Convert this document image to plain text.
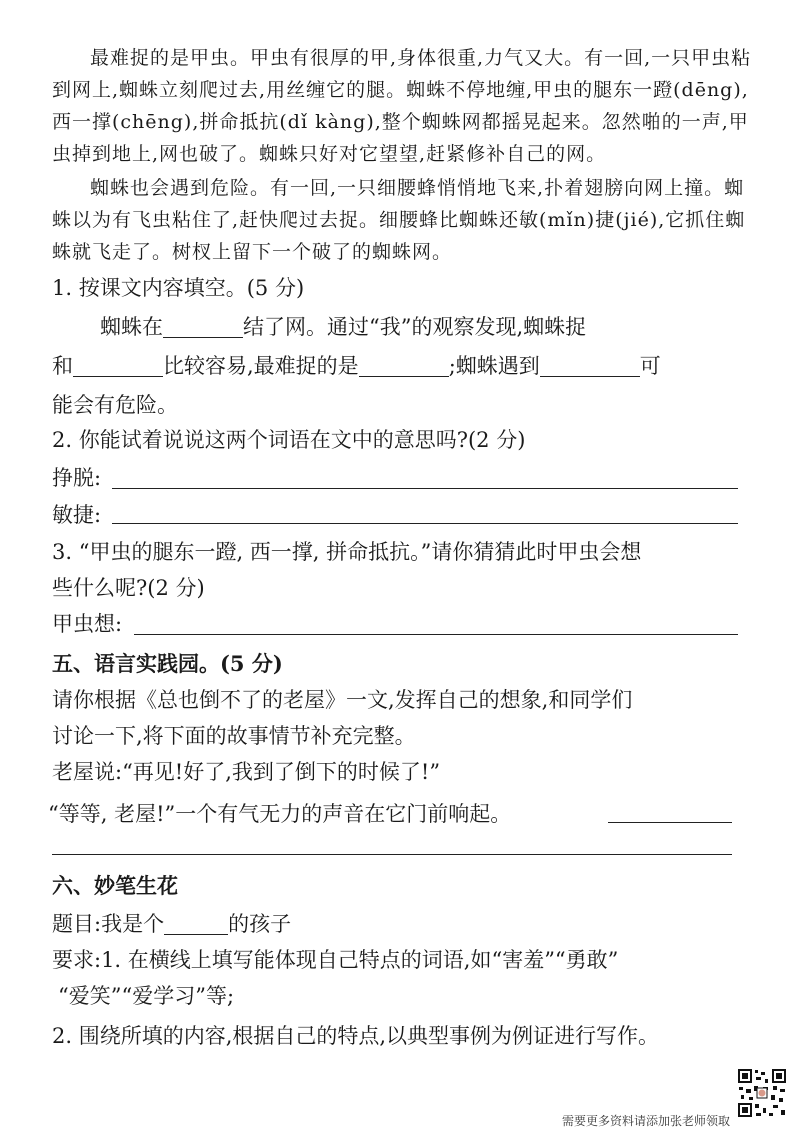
最难捉的是甲虫。甲虫有很厚的甲,身体很重,力气又大。有一回,一只甲虫粘到网上,蜘蛛立刻爬过去,用丝缠它的腿。蜘蛛不停地缠,甲虫的腿东一蹬(dēng),西一撑(chēng),拼命抵抗(dǐ kàng),整个蜘蛛网都摇晃起来。忽然啪的一声,甲虫掉到地上,网也破了。蜘蛛只好对它望望,赶紧修补自己的网。
蜘蛛也会遇到危险。有一回,一只细腰蜂悄悄地飞来,扑着翅膀向网上撞。蜘蛛以为有飞虫粘住了,赶快爬过去捉。细腰蜂比蜘蛛还敏(mǐn)捷(jié),它抓住蜘蛛就飞走了。树杈上留下一个破了的蜘蛛网。
1. 按课文内容填空。(5 分)
蜘蛛在	结了网。通过“我”的观察发现,蜘蛛捉
和	比较容易,最难捉的是	;蜘蛛遇到	可
能会有危险。
2. 你能试着说说这两个词语在文中的意思吗?(2 分)
挣脱:
敏捷:
3. “甲虫的腿东一蹬, 西一撑, 拼命抵抗。”请你猜猜此时甲虫会想
些什么呢?(2 分)
甲虫想:
五、语言实践园。(5 分)
请你根据《总也倒不了的老屋》一文,发挥自己的想象,和同学们
讨论一下,将下面的故事情节补充完整。
老屋说:“再见!好了,我到了倒下的时候了!”
“等等, 老屋!”一个有气无力的声音在它门前响起。
六、妙笔生花
题目:我是个	的孩子
要求:1. 在横线上填写能体现自己特点的词语,如“害羞”“勇敢”
“爱笑”“爱学习”等;
2. 围绕所填的内容,根据自己的特点,以典型事例为例证进行写作。
需要更多资料请添加张老师领取
